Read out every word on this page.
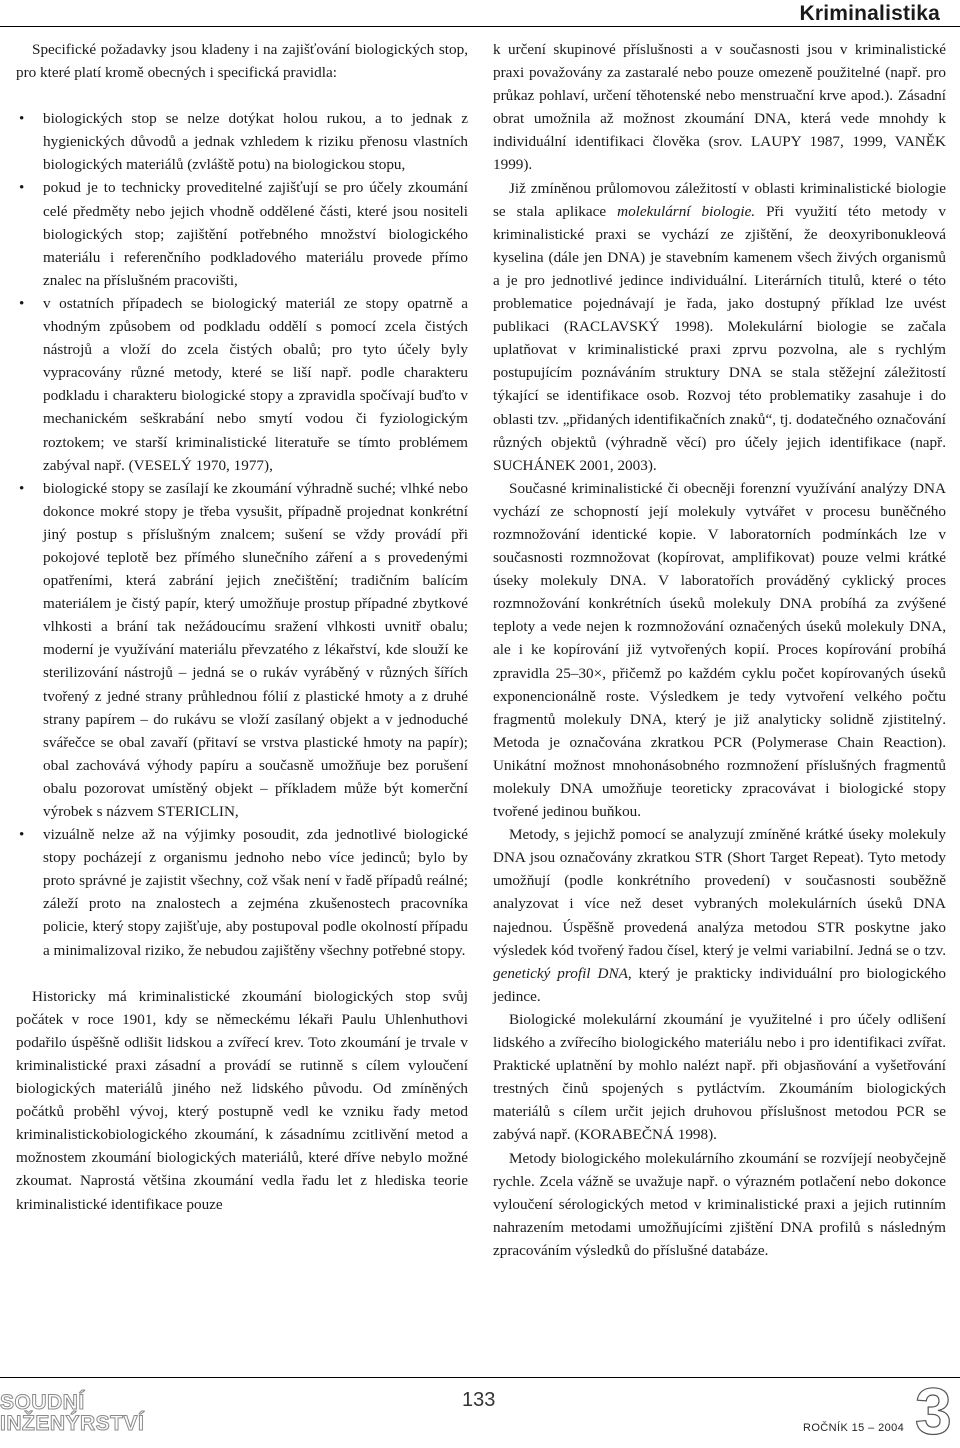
Kriminalistika

Specifické požadavky jsou kladeny i na zajišťování biologických stop, pro které platí kromě obecných i specifická pravidla:

• biologických stop se nelze dotýkat holou rukou, a to jednak z hygienických důvodů a jednak vzhledem k riziku přenosu vlastních biologických materiálů (zvláště potu) na biologickou stopu,
• pokud je to technicky proveditelné zajišťují se pro účely zkoumání celé předměty nebo jejich vhodně oddělené části, které jsou nositeli biologických stop; zajištění potřebného množství biologického materiálu i referenčního podkladového materiálu provede přímo znalec na příslušném pracovišti,
• v ostatních případech se biologický materiál ze stopy opatrně a vhodným způsobem od podkladu oddělí s pomocí zcela čistých nástrojů a vloží do zcela čistých obalů; pro tyto účely byly vypracovány různé metody, které se liší např. podle charakteru podkladu i charakteru biologické stopy a zpravidla spočívají buďto v mechanickém seškrabání nebo smytí vodou či fyziologickým roztokem; ve starší kriminalistické literatuře se tímto problémem zabýval např. (VESELÝ 1970, 1977),
• biologické stopy se zasílají ke zkoumání výhradně suché; vlhké nebo dokonce mokré stopy je třeba vysušit, případně projednat konkrétní jiný postup s příslušným znalcem; sušení se vždy provádí při pokojové teplotě bez přímého slunečního záření a s provedenými opatřeními, která zabrání jejich znečištění; tradičním balícím materiálem je čistý papír, který umožňuje prostup případné zbytkové vlhkosti a brání tak nežádoucímu sražení vlhkosti uvnitř obalu; moderní je využívání materiálu převzatého z lékařství, kde slouží ke sterilizování nástrojů – jedná se o rukáv vyráběný v různých šířích tvořený z jedné strany průhlednou fólií z plastické hmoty a z druhé strany papírem – do rukávu se vloží zasílaný objekt a v jednoduché svářečce se obal zavaří (přitaví se vrstva plastické hmoty na papír); obal zachovává výhody papíru a současně umožňuje bez porušení obalu pozorovat umístěný objekt – příkladem může být komerční výrobek s názvem STERICLIN,
• vizuálně nelze až na výjimky posoudit, zda jednotlivé biologické stopy pocházejí z organismu jednoho nebo více jedinců; bylo by proto správné je zajistit všechny, což však není v řadě případů reálné; záleží proto na znalostech a zejména zkušenostech pracovníka policie, který stopy zajišťuje, aby postupoval podle okolností případu a minimalizoval riziko, že nebudou zajištěny všechny potřebné stopy.

Historicky má kriminalistické zkoumání biologických stop svůj počátek v roce 1901, kdy se německému lékaři Paulu Uhlenhuthovi podařilo úspěšně odlišit lidskou a zvířecí krev. Toto zkoumání je trvale v kriminalistické praxi zásadní a provádí se rutinně s cílem vyloučení biologických materiálů jiného než lidského původu. Od zmíněných počátků proběhl vývoj, který postupně vedl ke vzniku řady metod kriminalistickobiologického zkoumání, k zásadnímu zcitlivění metod a možnostem zkoumání biologických materiálů, které dříve nebylo možné zkoumat. Naprostá většina zkoumání vedla řadu let z hlediska teorie kriminalistické identifikace pouze

k určení skupinové příslušnosti a v současnosti jsou v kriminalistické praxi považovány za zastaralé nebo pouze omezeně použitelné (např. pro průkaz pohlaví, určení těhotenské nebo menstruační krve apod.). Zásadní obrat umožnila až možnost zkoumání DNA, která vede mnohdy k individuální identifikaci člověka (srov. LAUPY 1987, 1999, VANĚK 1999).

Již zmíněnou průlomovou záležitostí v oblasti kriminalistické biologie se stala aplikace molekulární biologie. Při využití této metody v kriminalistické praxi se vychází ze zjištění, že deoxyribonukleová kyselina (dále jen DNA) je stavebním kamenem všech živých organismů a je pro jednotlivé jedince individuální. Literárních titulů, které o této problematice pojednávají je řada, jako dostupný příklad lze uvést publikaci (RACLAVSKÝ 1998). Molekulární biologie se začala uplatňovat v kriminalistické praxi zprvu pozvolna, ale s rychlým postupujícím poznáváním struktury DNA se stala stěžejní záležitostí týkající se identifikace osob. Rozvoj této problematiky zasahuje i do oblasti tzv. „přidaných identifikačních znaků“, tj. dodatečného označování různých objektů (výhradně věcí) pro účely jejich identifikace (např. SUCHÁNEK 2001, 2003).

Současné kriminalistické či obecněji forenzní využívání analýzy DNA vychází ze schopností její molekuly vytvářet v procesu buněčného rozmnožování identické kopie. V laboratorních podmínkách lze v současnosti rozmnožovat (kopírovat, amplifikovat) pouze velmi krátké úseky molekuly DNA. V laboratořích prováděný cyklický proces rozmnožování konkrétních úseků molekuly DNA probíhá za zvýšené teploty a vede nejen k rozmnožování označených úseků molekuly DNA, ale i ke kopírování již vytvořených kopií. Proces kopírování probíhá zpravidla 25–30×, přičemž po každém cyklu počet kopírovaných úseků exponencionálně roste. Výsledkem je tedy vytvoření velkého počtu fragmentů molekuly DNA, který je již analyticky solidně zjistitelný. Metoda je označována zkratkou PCR (Polymerase Chain Reaction). Unikátní možnost mnohonásobného rozmnožení příslušných fragmentů molekuly DNA umožňuje teoreticky zpracovávat i biologické stopy tvořené jedinou buňkou.

Metody, s jejichž pomocí se analyzují zmíněné krátké úseky molekuly DNA jsou označovány zkratkou STR (Short Target Repeat). Tyto metody umožňují (podle konkrétního provedení) v současnosti souběžně analyzovat i více než deset vybraných molekulárních úseků DNA najednou. Úspěšně provedená analýza metodou STR poskytne jako výsledek kód tvořený řadou čísel, který je velmi variabilní. Jedná se o tzv. genetický profil DNA, který je prakticky individuální pro biologického jedince.

Biologické molekulární zkoumání je využitelné i pro účely odlišení lidského a zvířecího biologického materiálu nebo i pro identifikaci zvířat. Praktické uplatnění by mohlo nalézt např. při objasňování a vyšetřování trestných činů spojených s pytláctvím. Zkoumáním biologických materiálů s cílem určit jejich druhovou příslušnost metodou PCR se zabývá např. (KORABEČNÁ 1998).

Metody biologického molekulárního zkoumání se rozvíjejí neobyčejně rychle. Zcela vážně se uvažuje např. o výrazném potlačení nebo dokonce vyloučení sérologických metod v kriminalistické praxi a jejich rutinním nahrazením metodami umožňujícími zjištění DNA profilů s následným zpracováním výsledků do příslušné databáze.

SOUDNÍ
INŽENÝRSTVÍ
133
ROČNÍK 15 – 2004 3
